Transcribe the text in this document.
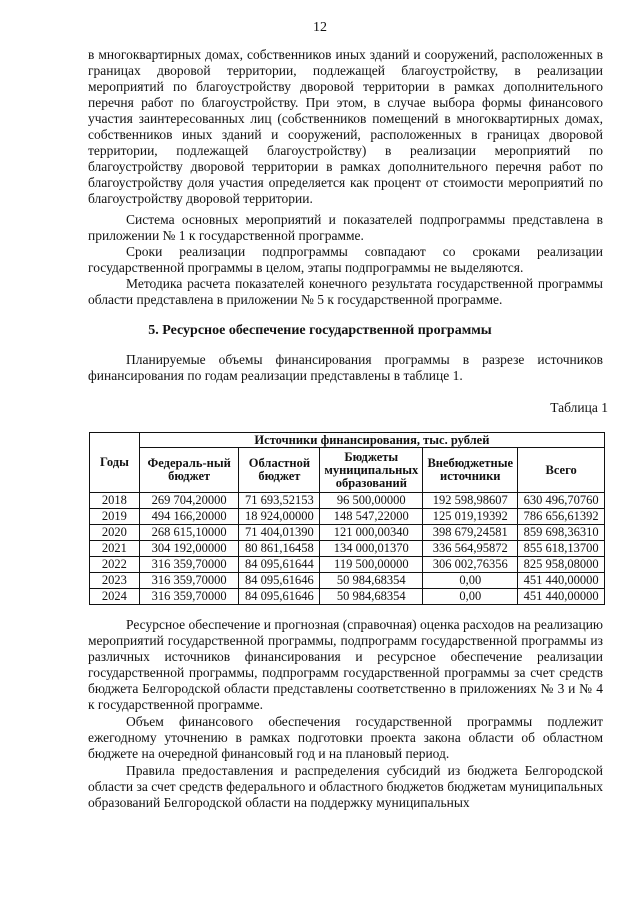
12

в многоквартирных домах, собственников иных зданий и сооружений, расположенных в границах дворовой территории, подлежащей благоустройству, в реализации мероприятий по благоустройству дворовой территории в рамках дополнительного перечня работ по благоустройству. При этом, в случае выбора формы финансового участия заинтересованных лиц (собственников помещений в многоквартирных домах, собственников иных зданий и сооружений, расположенных в границах дворовой территории, подлежащей благоустройству) в реализации мероприятий по благоустройству дворовой территории в рамках дополнительного перечня работ по благоустройству доля участия определяется как процент от стоимости мероприятий по благоустройству дворовой территории.

Система основных мероприятий и показателей подпрограммы представлена в приложении № 1 к государственной программе.

Сроки реализации подпрограммы совпадают со сроками реализации государственной программы в целом, этапы подпрограммы не выделяются.

Методика расчета показателей конечного результата государственной программы области представлена в приложении № 5 к государственной программе.

5. Ресурсное обеспечение государственной программы

Планируемые объемы финансирования программы в разрезе источников финансирования по годам реализации представлены в таблице 1.

Таблица 1
Годы	Источники финансирования, тыс. рублей				
	Федераль-ный бюджет	Областной бюджет	Бюджеты муниципальных образований	Внебюджетные источники	Всего
2018	269 704,20000	71 693,52153	96 500,00000	192 598,98607	630 496,70760
2019	494 166,20000	18 924,00000	148 547,22000	125 019,19392	786 656,61392
2020	268 615,10000	71 404,01390	121 000,00340	398 679,24581	859 698,36310
2021	304 192,00000	80 861,16458	134 000,01370	336 564,95872	855 618,13700
2022	316 359,70000	84 095,61644	119 500,00000	306 002,76356	825 958,08000
2023	316 359,70000	84 095,61646	50 984,68354	0,00	451 440,00000
2024	316 359,70000	84 095,61646	50 984,68354	0,00	451 440,00000

Ресурсное обеспечение и прогнозная (справочная) оценка расходов на реализацию мероприятий государственной программы, подпрограмм государственной программы из различных источников финансирования и ресурсное обеспечение реализации государственной программы, подпрограмм государственной программы за счет средств бюджета Белгородской области представлены соответственно в приложениях № 3 и № 4 к государственной программе.

Объем финансового обеспечения государственной программы подлежит ежегодному уточнению в рамках подготовки проекта закона области об областном бюджете на очередной финансовый год и на плановый период.

Правила предоставления и распределения субсидий из бюджета Белгородской области за счет средств федерального и областного бюджетов бюджетам муниципальных образований Белгородской области на поддержку муниципальных
